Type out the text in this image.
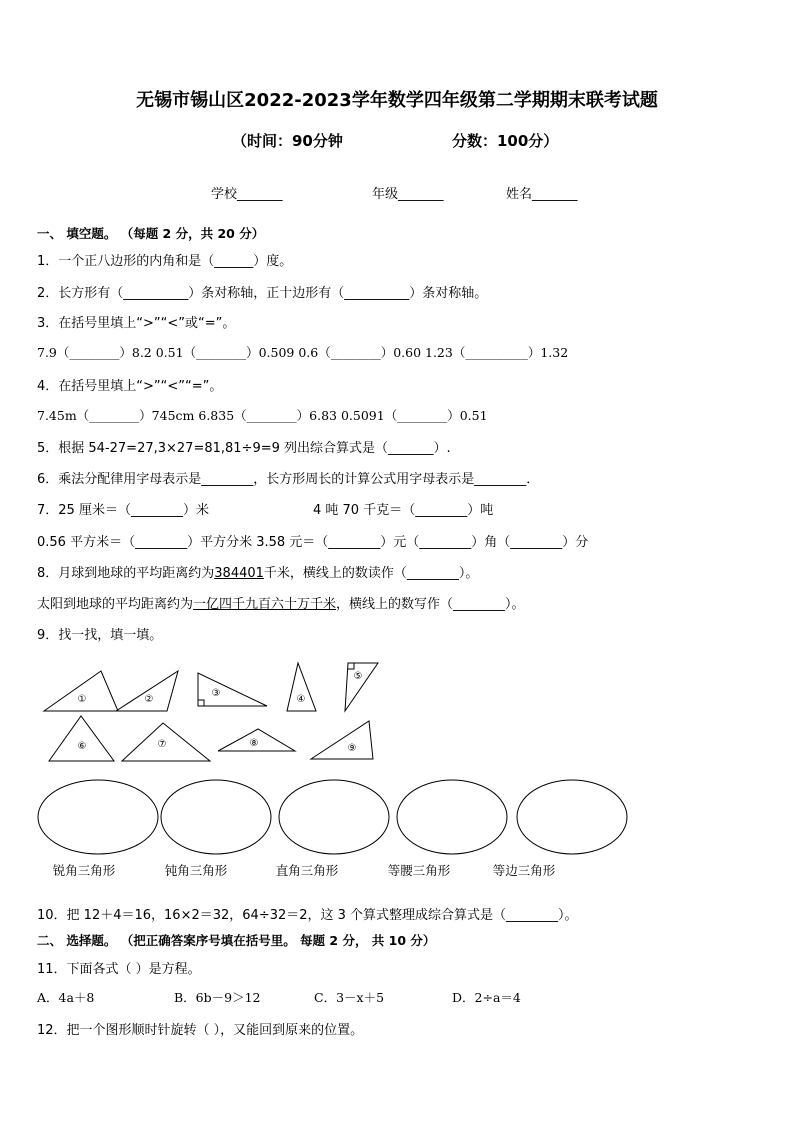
无锡市锡山区2022-2023学年数学四年级第二学期期末联考试题
（时间：90分钟	分数：100分）
学校_______	年级_______	姓名_______
一、 填空题。 （每题 2 分，共 20 分）
1．一个正八边形的内角和是（______）度。
2．长方形有（__________）条对称轴，正十边形有（__________）条对称轴。
3．在括号里填上“>”“<”或“=”。
7.9（________）8.2 0.51（________）0.509 0.6（________）0.60 1.23（__________）1.32
4．在括号里填上“>”“<”“=”。
7.45m（________）745cm 6.835（________）6.83 0.5091（________）0.51
5．根据 54-27=27,3×27=81,81÷9=9 列出综合算式是（_______）.
6．乘法分配律用字母表示是________，长方形周长的计算公式用字母表示是________．
7．25 厘米＝（________）米	4 吨 70 千克＝（________）吨
0.56 平方米＝（________）平方分米 3.58 元＝（________）元（________）角（________）分
8．月球到地球的平均距离约为384401千米，横线上的数读作（________）。
太阳到地球的平均距离约为一亿四千九百六十万千米，横线上的数写作（________）。
9．找一找，填一填。
①	②
③
④
⑤
⑥	⑦	⑧	⑨
锐角三角形	钝角三角形	直角三角形	等腰三角形	等边三角形
10．把 12＋4＝16，16×2＝32，64÷32＝2，这 3 个算式整理成综合算式是（________）。
二、 选择题。 （把正确答案序号填在括号里。 每题 2 分， 共 10 分）
11．下面各式（ ）是方程。
A．4a＋8	B．6b－9＞12	C．3－x＋5	D．2÷a＝4
12．把一个图形顺时针旋转（ ），又能回到原来的位置。
